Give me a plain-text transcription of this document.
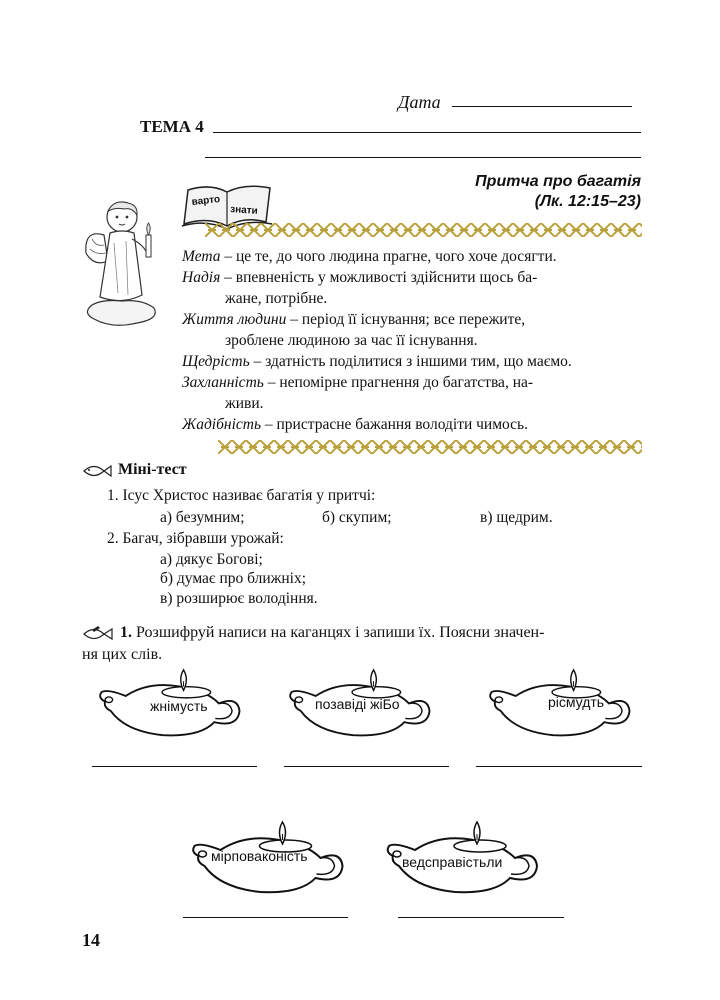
Дата
ТЕМА 4
Притча про багатія
(Лк. 12:15–23)
варто
знати
Мета – це те, до чого людина прагне, чого хоче досягти.
Надія – впевненість у можливості здійснити щось ба-
жане, потрібне.
Життя людини – період її існування; все пережите,
зроблене людиною за час її існування.
Щедрість – здатність поділитися з іншими тим, що маємо.
Захланність – непомірне прагнення до багатства, на-
живи.
Жадібність – пристрасне бажання володіти чимось.
Міні-тест
1. Ісус Христос називає багатія у притчі:
а) безумним;	б) скупим;	в) щедрим.
2. Багач, зібравши урожай:
а) дякує Богові;
б) думає про ближніх;
в) розширює володіння.
1. Розшифруй написи на каганцях і запиши їх. Поясни значен-
ня цих слів.
жнімусть	позавіді жіБо	рісмудть
мірповаконість	ведсправістьли
14
